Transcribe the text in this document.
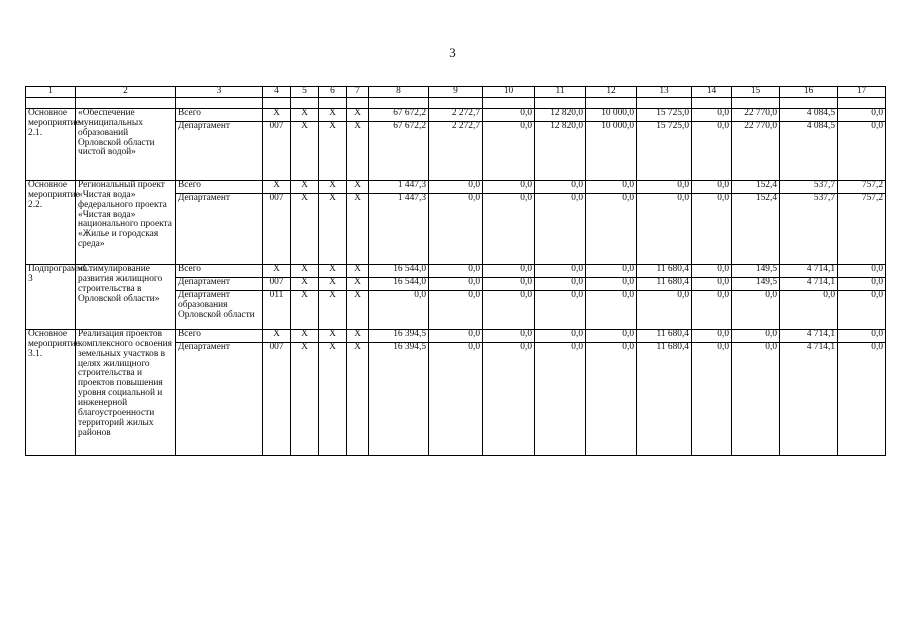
3
1	2	3	4	5	6	7	8	9	10	11	12	13	14	15	16	17

Основное мероприятие 2.1.	«Обеспечение муниципальных образований Орловской области чистой водой»	Всего	X	X	X	X	67 672,2	2 272,7	0,0	12 820,0	10 000,0	15 725,0	0,0	22 770,0	4 084,5	0,0
		Департамент	007	X	X	X	67 672,2	2 272,7	0,0	12 820,0	10 000,0	15 725,0	0,0	22 770,0	4 084,5	0,0
Основное мероприятие 2.2.	Региональный проект «Чистая вода» федерального проекта «Чистая вода» национального проекта «Жилье и городская среда»	Всего	X	X	X	X	1 447,3	0,0	0,0	0,0	0,0	0,0	0,0	152,4	537,7	757,2
		Департамент	007	X	X	X	1 447,3	0,0	0,0	0,0	0,0	0,0	0,0	152,4	537,7	757,2
Подпрограмма 3	«Стимулирование развития жилищного строительства в Орловской области»	Всего	X	X	X	X	16 544,0	0,0	0,0	0,0	0,0	11 680,4	0,0	149,5	4 714,1	0,0
		Департамент	007	X	X	X	16 544,0	0,0	0,0	0,0	0,0	11 680,4	0,0	149,5	4 714,1	0,0
		Департамент образования Орловской области	011	X	X	X	0,0	0,0	0,0	0,0	0,0	0,0	0,0	0,0	0,0	0,0
Основное мероприятие 3.1.	Реализация проектов комплексного освоения земельных участков в целях жилищного строительства и проектов повышения уровня социальной и инженерной благоустроенности территорий жилых районов	Всего	X	X	X	X	16 394,5	0,0	0,0	0,0	0,0	11 680,4	0,0	0,0	4 714,1	0,0
		Департамент	007	X	X	X	16 394,5	0,0	0,0	0,0	0,0	11 680,4	0,0	0,0	4 714,1	0,0
